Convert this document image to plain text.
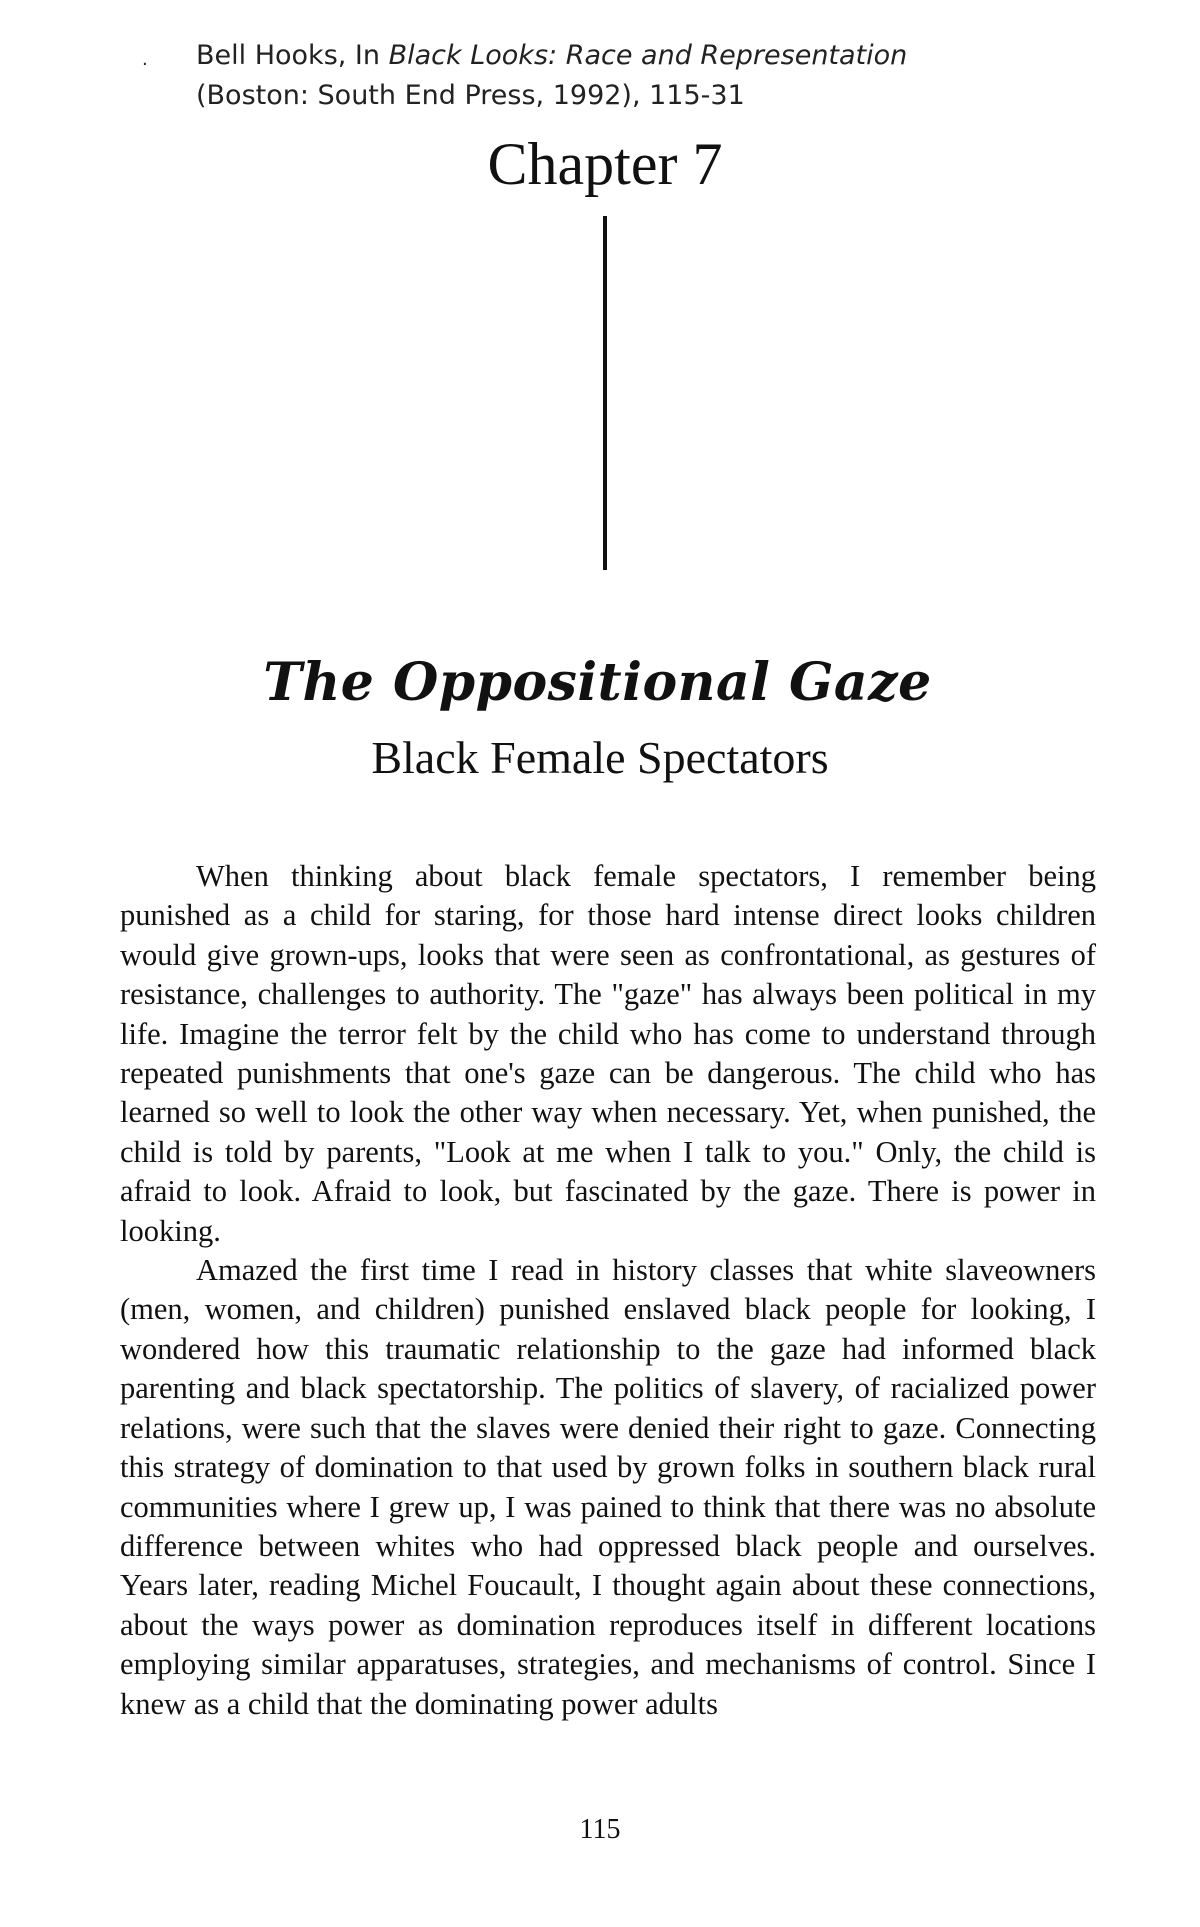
. Bell Hooks, In Black Looks: Race and Representation
(Boston: South End Press, 1992), 115-31
Chapter 7
The Oppositional Gaze
Black Female Spectators

When thinking about black female spectators, I remember being punished as a child for staring, for those hard intense direct looks children would give grown-ups, looks that were seen as confrontational, as gestures of resistance, challenges to authority. The "gaze" has always been political in my life. Imagine the terror felt by the child who has come to understand through repeated punishments that one's gaze can be dangerous. The child who has learned so well to look the other way when necessary. Yet, when punished, the child is told by parents, "Look at me when I talk to you." Only, the child is afraid to look. Afraid to look, but fascinated by the gaze. There is power in looking.

Amazed the first time I read in history classes that white slaveowners (men, women, and children) punished enslaved black people for looking, I wondered how this traumatic relationship to the gaze had informed black parenting and black spectatorship. The politics of slavery, of racialized power relations, were such that the slaves were denied their right to gaze. Connecting this strategy of domination to that used by grown folks in southern black rural communities where I grew up, I was pained to think that there was no absolute difference between whites who had oppressed black people and ourselves. Years later, reading Michel Foucault, I thought again about these connections, about the ways power as domination reproduces itself in different locations employing similar apparatuses, strategies, and mechanisms of control. Since I knew as a child that the dominating power adults

115
